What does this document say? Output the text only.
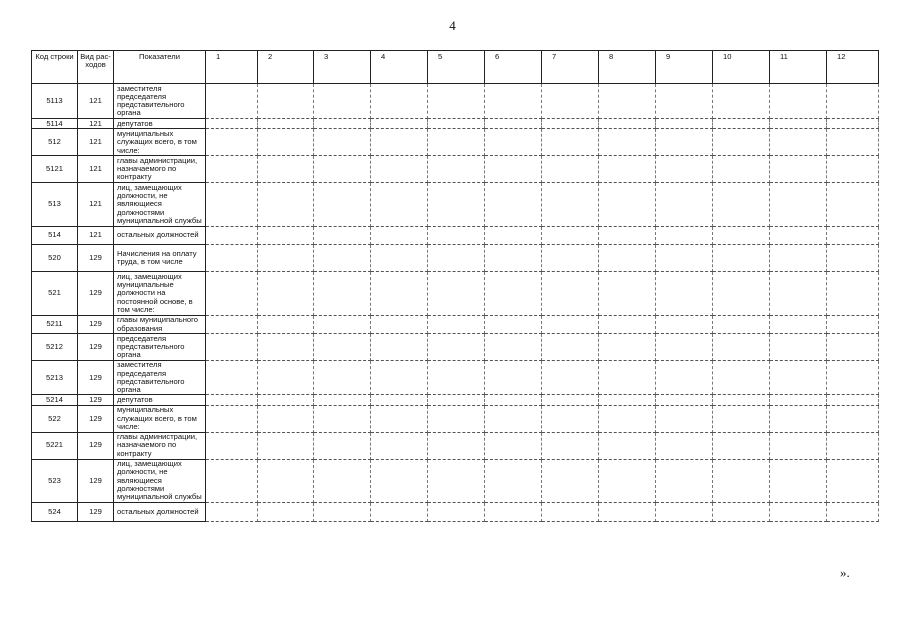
4
Код строки	Вид рас-ходов	Показатели	1	2	3	4	5	6	7	8	9	10	11	12
5113	121	заместителя председателя представительного органа												
5114	121	депутатов												
512	121	муниципальных служащих всего, в том числе:												
5121	121	главы администрации, назначаемого по контракту												
513	121	лиц, замещающих должности, не являющиеся должностями муниципальной службы												
514	121	остальных должностей												
520	129	Начисления на оплату труда, в том числе												
521	129	лиц, замещающих муниципальные должности на постоянной основе, в том числе:												
5211	129	главы муниципального образования												
5212	129	председателя представительного органа												
5213	129	заместителя председателя представительного органа												
5214	129	депутатов												
522	129	муниципальных служащих всего, в том числе:												
5221	129	главы администрации, назначаемого по контракту												
523	129	лиц, замещающих должности, не являющиеся должностями муниципальной службы												
524	129	остальных должностей												
».
